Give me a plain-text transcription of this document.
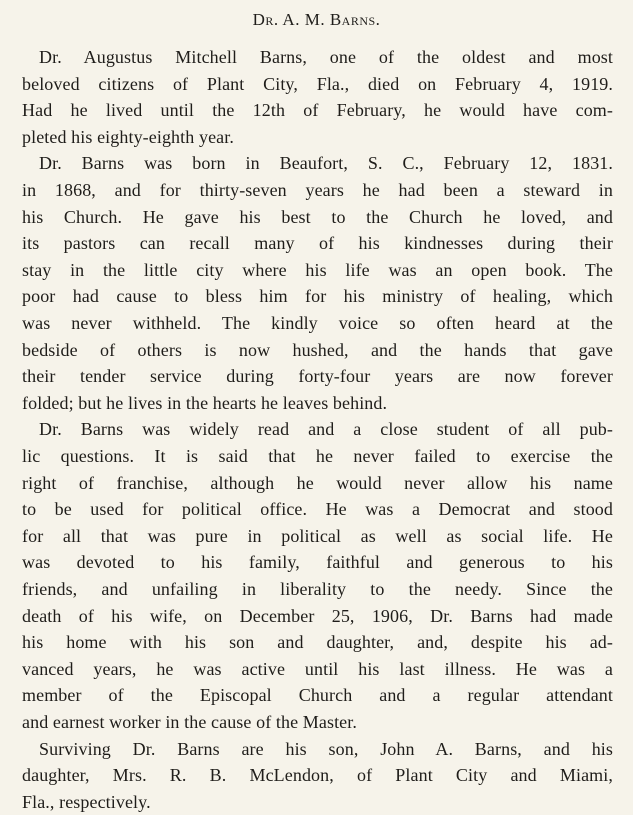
Dr. A. M. Barns.
Dr. Augustus Mitchell Barns, one of the oldest and most
beloved citizens of Plant City, Fla., died on February 4, 1919.
Had he lived until the 12th of February, he would have com-
pleted his eighty-eighth year.
Dr. Barns was born in Beaufort, S. C., February 12, 1831.
in 1868, and for thirty-seven years he had been a steward in
his Church. He gave his best to the Church he loved, and
its pastors can recall many of his kindnesses during their
stay in the little city where his life was an open book. The
poor had cause to bless him for his ministry of healing, which
was never withheld. The kindly voice so often heard at the
bedside of others is now hushed, and the hands that gave
their tender service during forty-four years are now forever
folded; but he lives in the hearts he leaves behind.
Dr. Barns was widely read and a close student of all pub-
lic questions. It is said that he never failed to exercise the
right of franchise, although he would never allow his name
to be used for political office. He was a Democrat and stood
for all that was pure in political as well as social life. He
was devoted to his family, faithful and generous to his
friends, and unfailing in liberality to the needy. Since the
death of his wife, on December 25, 1906, Dr. Barns had made
his home with his son and daughter, and, despite his ad-
vanced years, he was active until his last illness. He was a
member of the Episcopal Church and a regular attendant
and earnest worker in the cause of the Master.
Surviving Dr. Barns are his son, John A. Barns, and his
daughter, Mrs. R. B. McLendon, of Plant City and Miami,
Fla., respectively.
